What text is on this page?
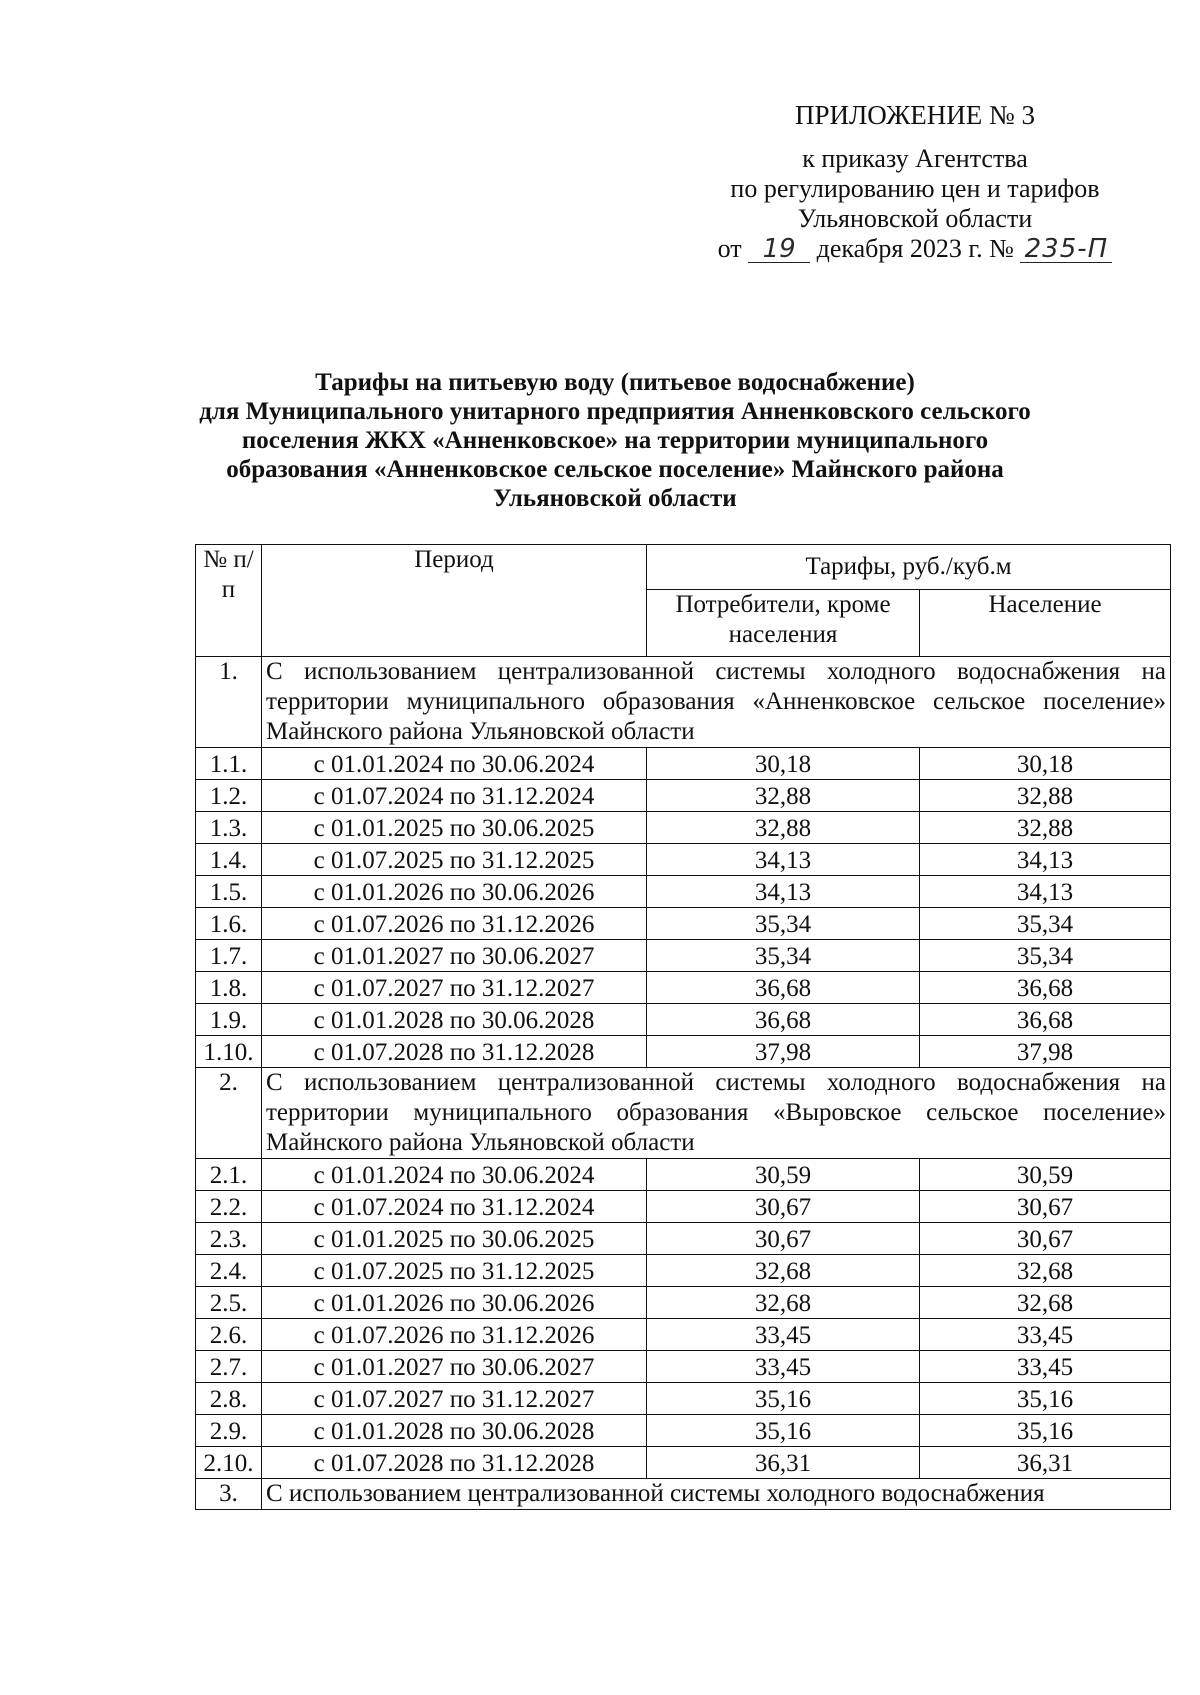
ПРИЛОЖЕНИЕ № 3
к приказу Агентства
по регулированию цен и тарифов
Ульяновской области
от 19 декабря 2023 г. № 235-П
Тарифы на питьевую воду (питьевое водоснабжение)
для Муниципального унитарного предприятия Анненковского сельского
поселения ЖКХ «Анненковское» на территории муниципального
образования «Анненковское сельское поселение» Майнского района
Ульяновской области
№ п/п	Период	Тарифы, руб./куб.м	
		Потребители, кроме населения	Население
1.	С использованием централизованной системы холодного водоснабжения на территории муниципального образования «Анненковское сельское поселение» Майнского района Ульяновской области		
1.1.	с 01.01.2024 по 30.06.2024	30,18	30,18
1.2.	с 01.07.2024 по 31.12.2024	32,88	32,88
1.3.	с 01.01.2025 по 30.06.2025	32,88	32,88
1.4.	с 01.07.2025 по 31.12.2025	34,13	34,13
1.5.	с 01.01.2026 по 30.06.2026	34,13	34,13
1.6.	с 01.07.2026 по 31.12.2026	35,34	35,34
1.7.	с 01.01.2027 по 30.06.2027	35,34	35,34
1.8.	с 01.07.2027 по 31.12.2027	36,68	36,68
1.9.	с 01.01.2028 по 30.06.2028	36,68	36,68
1.10.	с 01.07.2028 по 31.12.2028	37,98	37,98
2.	С использованием централизованной системы холодного водоснабжения на территории муниципального образования «Выровское сельское поселение» Майнского района Ульяновской области		
2.1.	с 01.01.2024 по 30.06.2024	30,59	30,59
2.2.	с 01.07.2024 по 31.12.2024	30,67	30,67
2.3.	с 01.01.2025 по 30.06.2025	30,67	30,67
2.4.	с 01.07.2025 по 31.12.2025	32,68	32,68
2.5.	с 01.01.2026 по 30.06.2026	32,68	32,68
2.6.	с 01.07.2026 по 31.12.2026	33,45	33,45
2.7.	с 01.01.2027 по 30.06.2027	33,45	33,45
2.8.	с 01.07.2027 по 31.12.2027	35,16	35,16
2.9.	с 01.01.2028 по 30.06.2028	35,16	35,16
2.10.	с 01.07.2028 по 31.12.2028	36,31	36,31
3.	С использованием централизованной системы холодного водоснабжения		
